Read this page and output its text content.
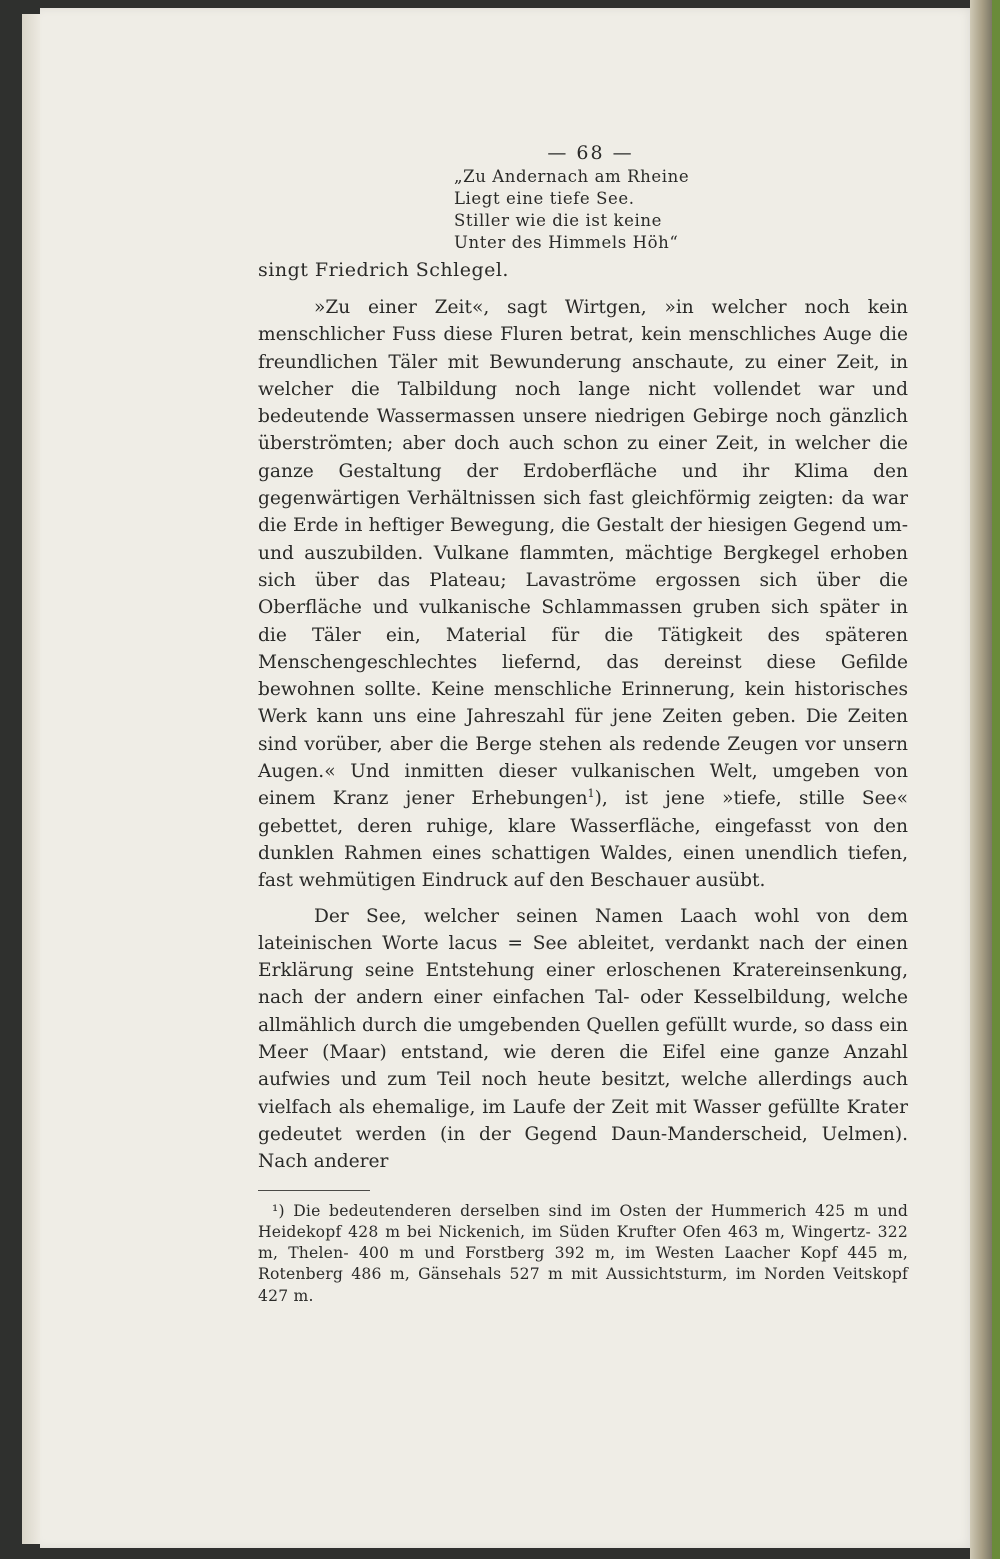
— 68 —
„Zu Andernach am Rheine
Liegt eine tiefe See.
Stiller wie die ist keine
Unter des Himmels Höh“
singt Friedrich Schlegel.

»Zu einer Zeit«, sagt Wirtgen, »in welcher noch kein menschlicher Fuss diese Fluren betrat, kein menschliches Auge die freundlichen Täler mit Bewunderung anschaute, zu einer Zeit, in welcher die Talbildung noch lange nicht vollendet war und bedeutende Wassermassen unsere niedrigen Gebirge noch gänzlich überströmten; aber doch auch schon zu einer Zeit, in welcher die ganze Gestaltung der Erdoberfläche und ihr Klima den gegenwärtigen Verhältnissen sich fast gleichförmig zeigten: da war die Erde in heftiger Bewegung, die Gestalt der hiesigen Gegend um- und auszubilden. Vulkane flammten, mächtige Bergkegel erhoben sich über das Plateau; Lavaströme ergossen sich über die Oberfläche und vulkanische Schlammassen gruben sich später in die Täler ein, Material für die Tätigkeit des späteren Menschengeschlechtes liefernd, das dereinst diese Gefilde bewohnen sollte. Keine menschliche Erinnerung, kein historisches Werk kann uns eine Jahreszahl für jene Zeiten geben. Die Zeiten sind vorüber, aber die Berge stehen als redende Zeugen vor unsern Augen.« Und inmitten dieser vulkanischen Welt, umgeben von einem Kranz jener Erhebungen$^1$), ist jene »tiefe, stille See« gebettet, deren ruhige, klare Wasserfläche, eingefasst von den dunklen Rahmen eines schattigen Waldes, einen unendlich tiefen, fast wehmütigen Eindruck auf den Beschauer ausübt.

Der See, welcher seinen Namen Laach wohl von dem lateinischen Worte lacus = See ableitet, verdankt nach der einen Erklärung seine Entstehung einer erloschenen Kratereinsenkung, nach der andern einer einfachen Tal- oder Kesselbildung, welche allmählich durch die umgebenden Quellen gefüllt wurde, so dass ein Meer (Maar) entstand, wie deren die Eifel eine ganze Anzahl aufwies und zum Teil noch heute besitzt, welche allerdings auch vielfach als ehemalige, im Laufe der Zeit mit Wasser gefüllte Krater gedeutet werden (in der Gegend Daun-Manderscheid, Uelmen). Nach anderer

¹) Die bedeutenderen derselben sind im Osten der Hummerich 425 m und Heidekopf 428 m bei Nickenich, im Süden Krufter Ofen 463 m, Wingertz- 322 m, Thelen- 400 m und Forstberg 392 m, im Westen Laacher Kopf 445 m, Rotenberg 486 m, Gänsehals 527 m mit Aussichtsturm, im Norden Veitskopf 427 m.
